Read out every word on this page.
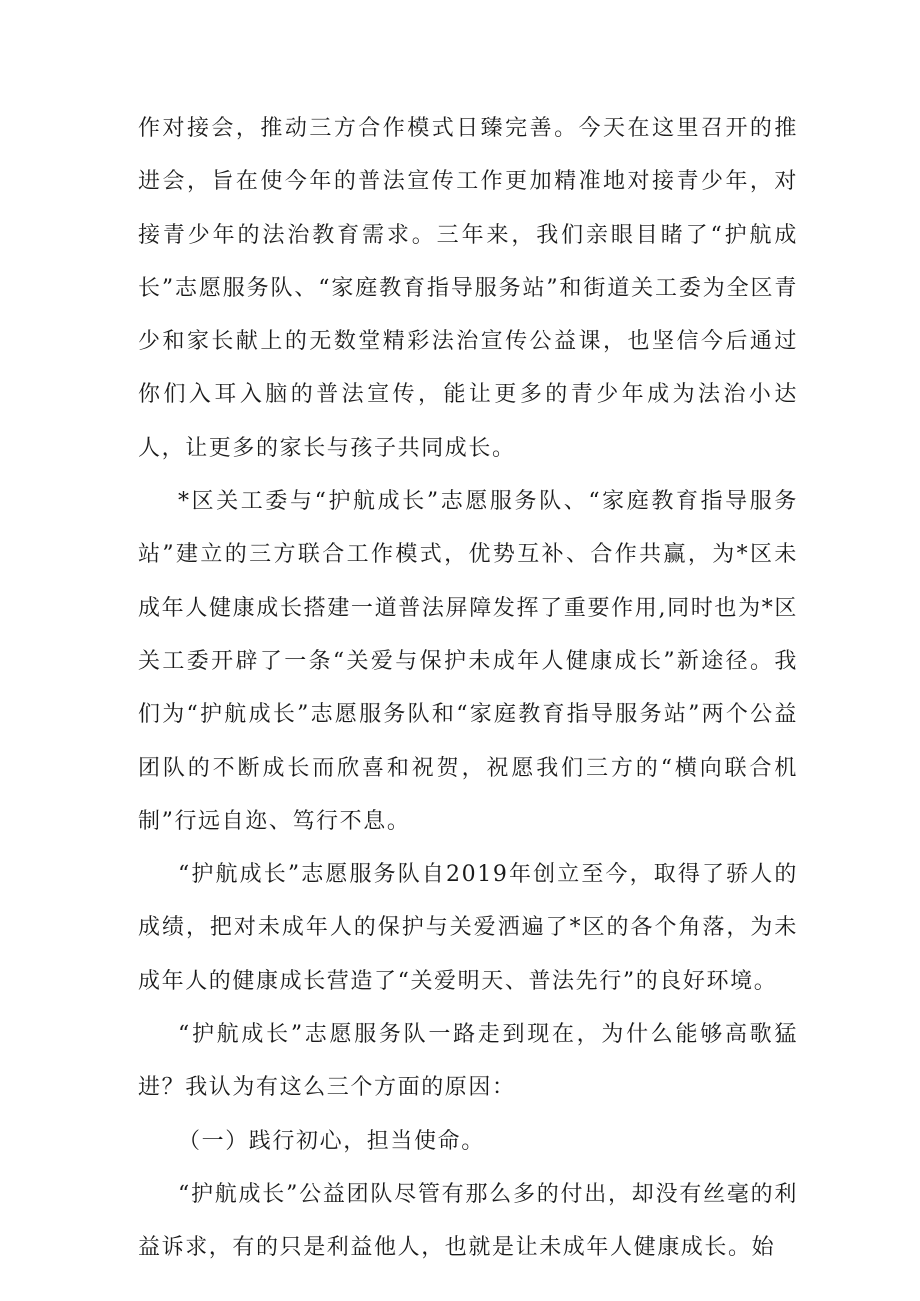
作对接会，推动三方合作模式日臻完善。今天在这里召开的推进会，旨在使今年的普法宣传工作更加精准地对接青少年，对接青少年的法治教育需求。三年来，我们亲眼目睹了“护航成长”志愿服务队、“家庭教育指导服务站”和街道关工委为全区青少和家长献上的无数堂精彩法治宣传公益课，也坚信今后通过你们入耳入脑的普法宣传，能让更多的青少年成为法治小达人，让更多的家长与孩子共同成长。

*区关工委与“护航成长”志愿服务队、“家庭教育指导服务站”建立的三方联合工作模式，优势互补、合作共赢，为*区未成年人健康成长搭建一道普法屏障发挥了重要作用,同时也为*区关工委开辟了一条“关爱与保护未成年人健康成长”新途径。我们为“护航成长”志愿服务队和“家庭教育指导服务站”两个公益团队的不断成长而欣喜和祝贺，祝愿我们三方的“横向联合机制”行远自迩、笃行不息。

“护航成长”志愿服务队自2019年创立至今，取得了骄人的成绩，把对未成年人的保护与关爱洒遍了*区的各个角落，为未成年人的健康成长营造了“关爱明天、普法先行”的良好环境。

“护航成长”志愿服务队一路走到现在，为什么能够高歌猛进？我认为有这么三个方面的原因：

（一）践行初心，担当使命。

“护航成长”公益团队尽管有那么多的付出，却没有丝毫的利益诉求，有的只是利益他人，也就是让未成年人健康成长。始
